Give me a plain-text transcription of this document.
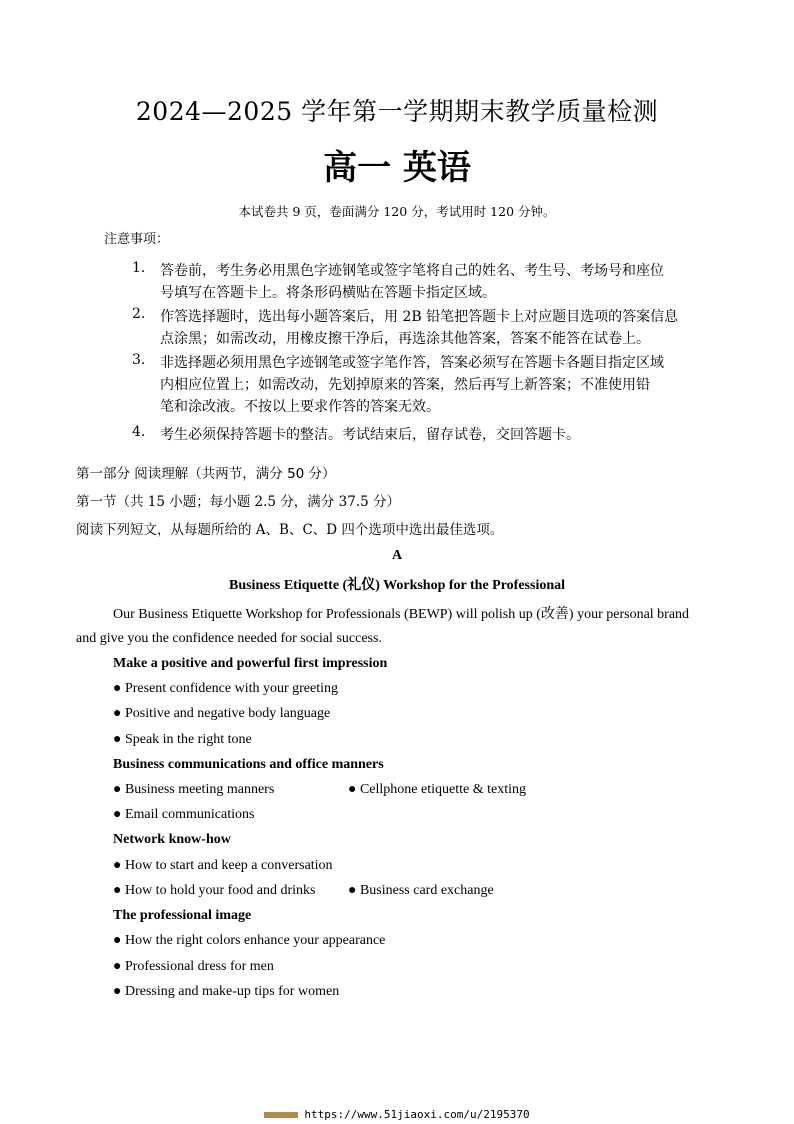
2024—2025 学年第一学期期末教学质量检测
高一 英语
本试卷共 9 页，卷面满分 120 分，考试用时 120 分钟。
注意事项：
1. 答卷前，考生务必用黑色字迹钢笔或签字笔将自己的姓名、考生号、考场号和座位
号填写在答题卡上。将条形码横贴在答题卡指定区域。
2. 作答选择题时，选出每小题答案后，用 2B 铅笔把答题卡上对应题目选项的答案信息
点涂黑；如需改动，用橡皮擦干净后，再选涂其他答案，答案不能答在试卷上。
3. 非选择题必须用黑色字迹钢笔或签字笔作答，答案必须写在答题卡各题目指定区域
内相应位置上；如需改动，先划掉原来的答案，然后再写上新答案；不准使用铅
笔和涂改液。不按以上要求作答的答案无效。
4. 考生必须保持答题卡的整洁。考试结束后，留存试卷，交回答题卡。
第一部分 阅读理解（共两节，满分 50 分）
第一节（共 15 小题；每小题 2.5 分，满分 37.5 分）
阅读下列短文，从每题所给的 A、B、C、D 四个选项中选出最佳选项。
A
Business Etiquette (礼仪) Workshop for the Professional
Our Business Etiquette Workshop for Professionals (BEWP) will polish up (改善) your personal brand
and give you the confidence needed for social success.
Make a positive and powerful first impression
● Present confidence with your greeting
● Positive and negative body language
● Speak in the right tone
Business communications and office manners
● Business meeting manners	● Cellphone etiquette & texting
● Email communications
Network know-how
● How to start and keep a conversation
● How to hold your food and drinks ● Business card exchange
The professional image
● How the right colors enhance your appearance
● Professional dress for men
● Dressing and make-up tips for women
https://www.51jiaoxi.com/u/2195370
